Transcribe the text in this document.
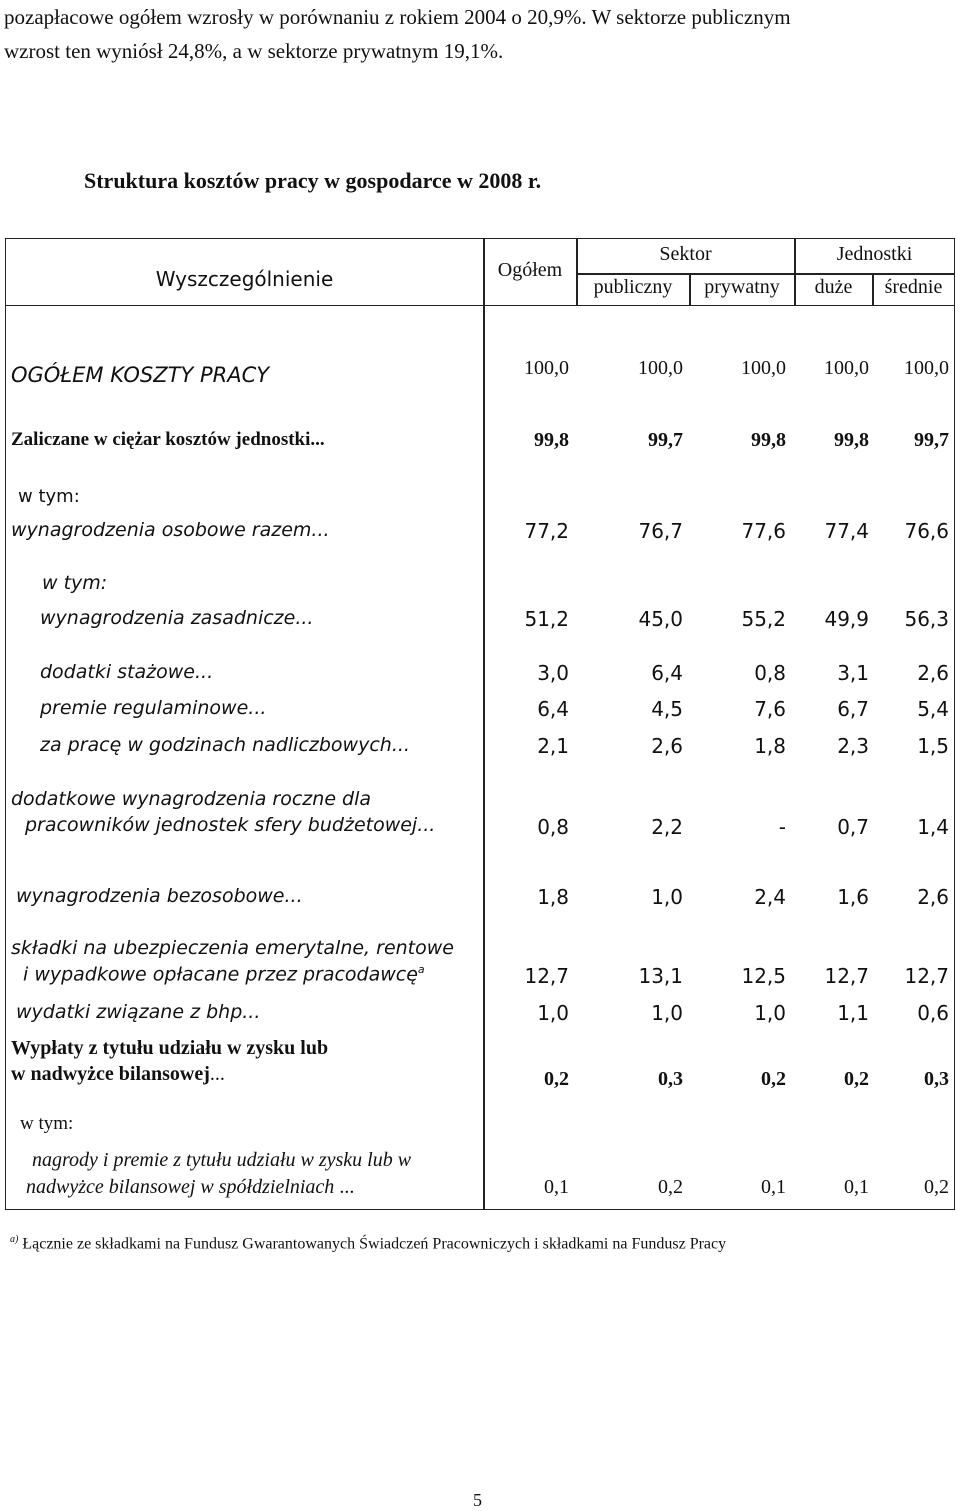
pozapłacowe ogółem wzrosły w porównaniu z rokiem 2004 o 20,9%. W sektorze publicznym
wzrost ten wyniósł 24,8%, a w sektorze prywatnym 19,1%.
Struktura kosztów pracy w gospodarce w 2008 r.
Wyszczególnienie	Ogółem
Sektor
publiczny	prywatny
Jednostki
duże	średnie
OGÓŁEM KOSZTY PRACY	100,0	100,0	100,0	100,0	100,0
Zaliczane w ciężar kosztów jednostki...	99,8	99,7	99,8	99,8	99,7
w tym:
wynagrodzenia osobowe razem...	77,2	76,7	77,6	77,4	76,6
w tym:
wynagrodzenia zasadnicze...	51,2	45,0	55,2	49,9	56,3
dodatki stażowe...	3,0	6,4	0,8	3,1	2,6
premie regulaminowe...	6,4	4,5	7,6	6,7	5,4
za pracę w godzinach nadliczbowych...	2,1	2,6	1,8	2,3	1,5
dodatkowe wynagrodzenia roczne dla
pracowników jednostek sfery budżetowej...	0,8	2,2	-	0,7	1,4
wynagrodzenia bezosobowe...	1,8	1,0	2,4	1,6	2,6
składki na ubezpieczenia emerytalne, rentowe
i wypadkowe opłacane przez pracodawcę$^a$	12,7	13,1	12,5	12,7	12,7
wydatki związane z bhp...	1,0	1,0	1,0	1,1	0,6
Wypłaty z tytułu udziału w zysku lub
w nadwyżce bilansowej...	0,2	0,3	0,2	0,2	0,3
w tym:
nagrody i premie z tytułu udziału w zysku lub w
nadwyżce bilansowej w spółdzielniach ...	0,1	0,2	0,1	0,1	0,2
$^{a)}$ Łącznie ze składkami na Fundusz Gwarantowanych Świadczeń Pracowniczych i składkami na Fundusz Pracy
5
